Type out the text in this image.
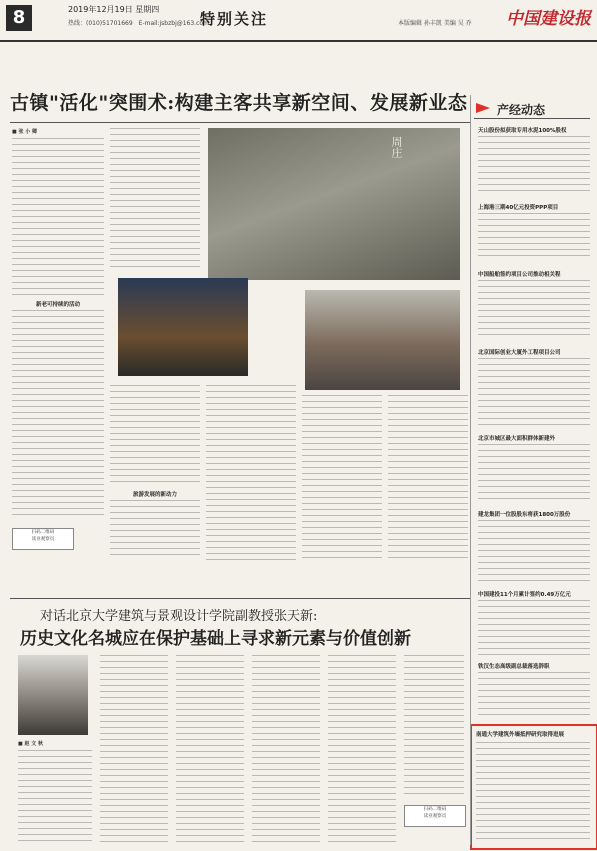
8	2019年12月19日 星期四
热线：(010)51701669　E-mail:jsbzbj@163.com
特别关注	本版编辑 孙丰凯 美编 吴 乔 中国建设报
古镇"活化"突围术:构建主客共享新空间、发展新业态
■ 张 小 卿
新老可持续的活动
扫码二维码
读业观察员
周庄
旅游发展的新动力
产经动态
天山股份拟获取专用水泥100%股权
上海港三期40亿元投资PPP项目
中国船舶签约项目公司推动相关程
北京国际创业大厦外工程项目公司
北京市城区最大面积群体新建外
建龙集团一位股股东将获1800万股份
中国建投11个月累计签约0.49万亿元
铁汉生态高级副总裁落选辞职
南通大学建筑外墙抵押研究取得进展
对话北京大学建筑与景观设计学院副教授张天新:
历史文化名城应在保护基础上寻求新元素与价值创新
■ 赵 文 秋
扫码二维码
读业观察员
